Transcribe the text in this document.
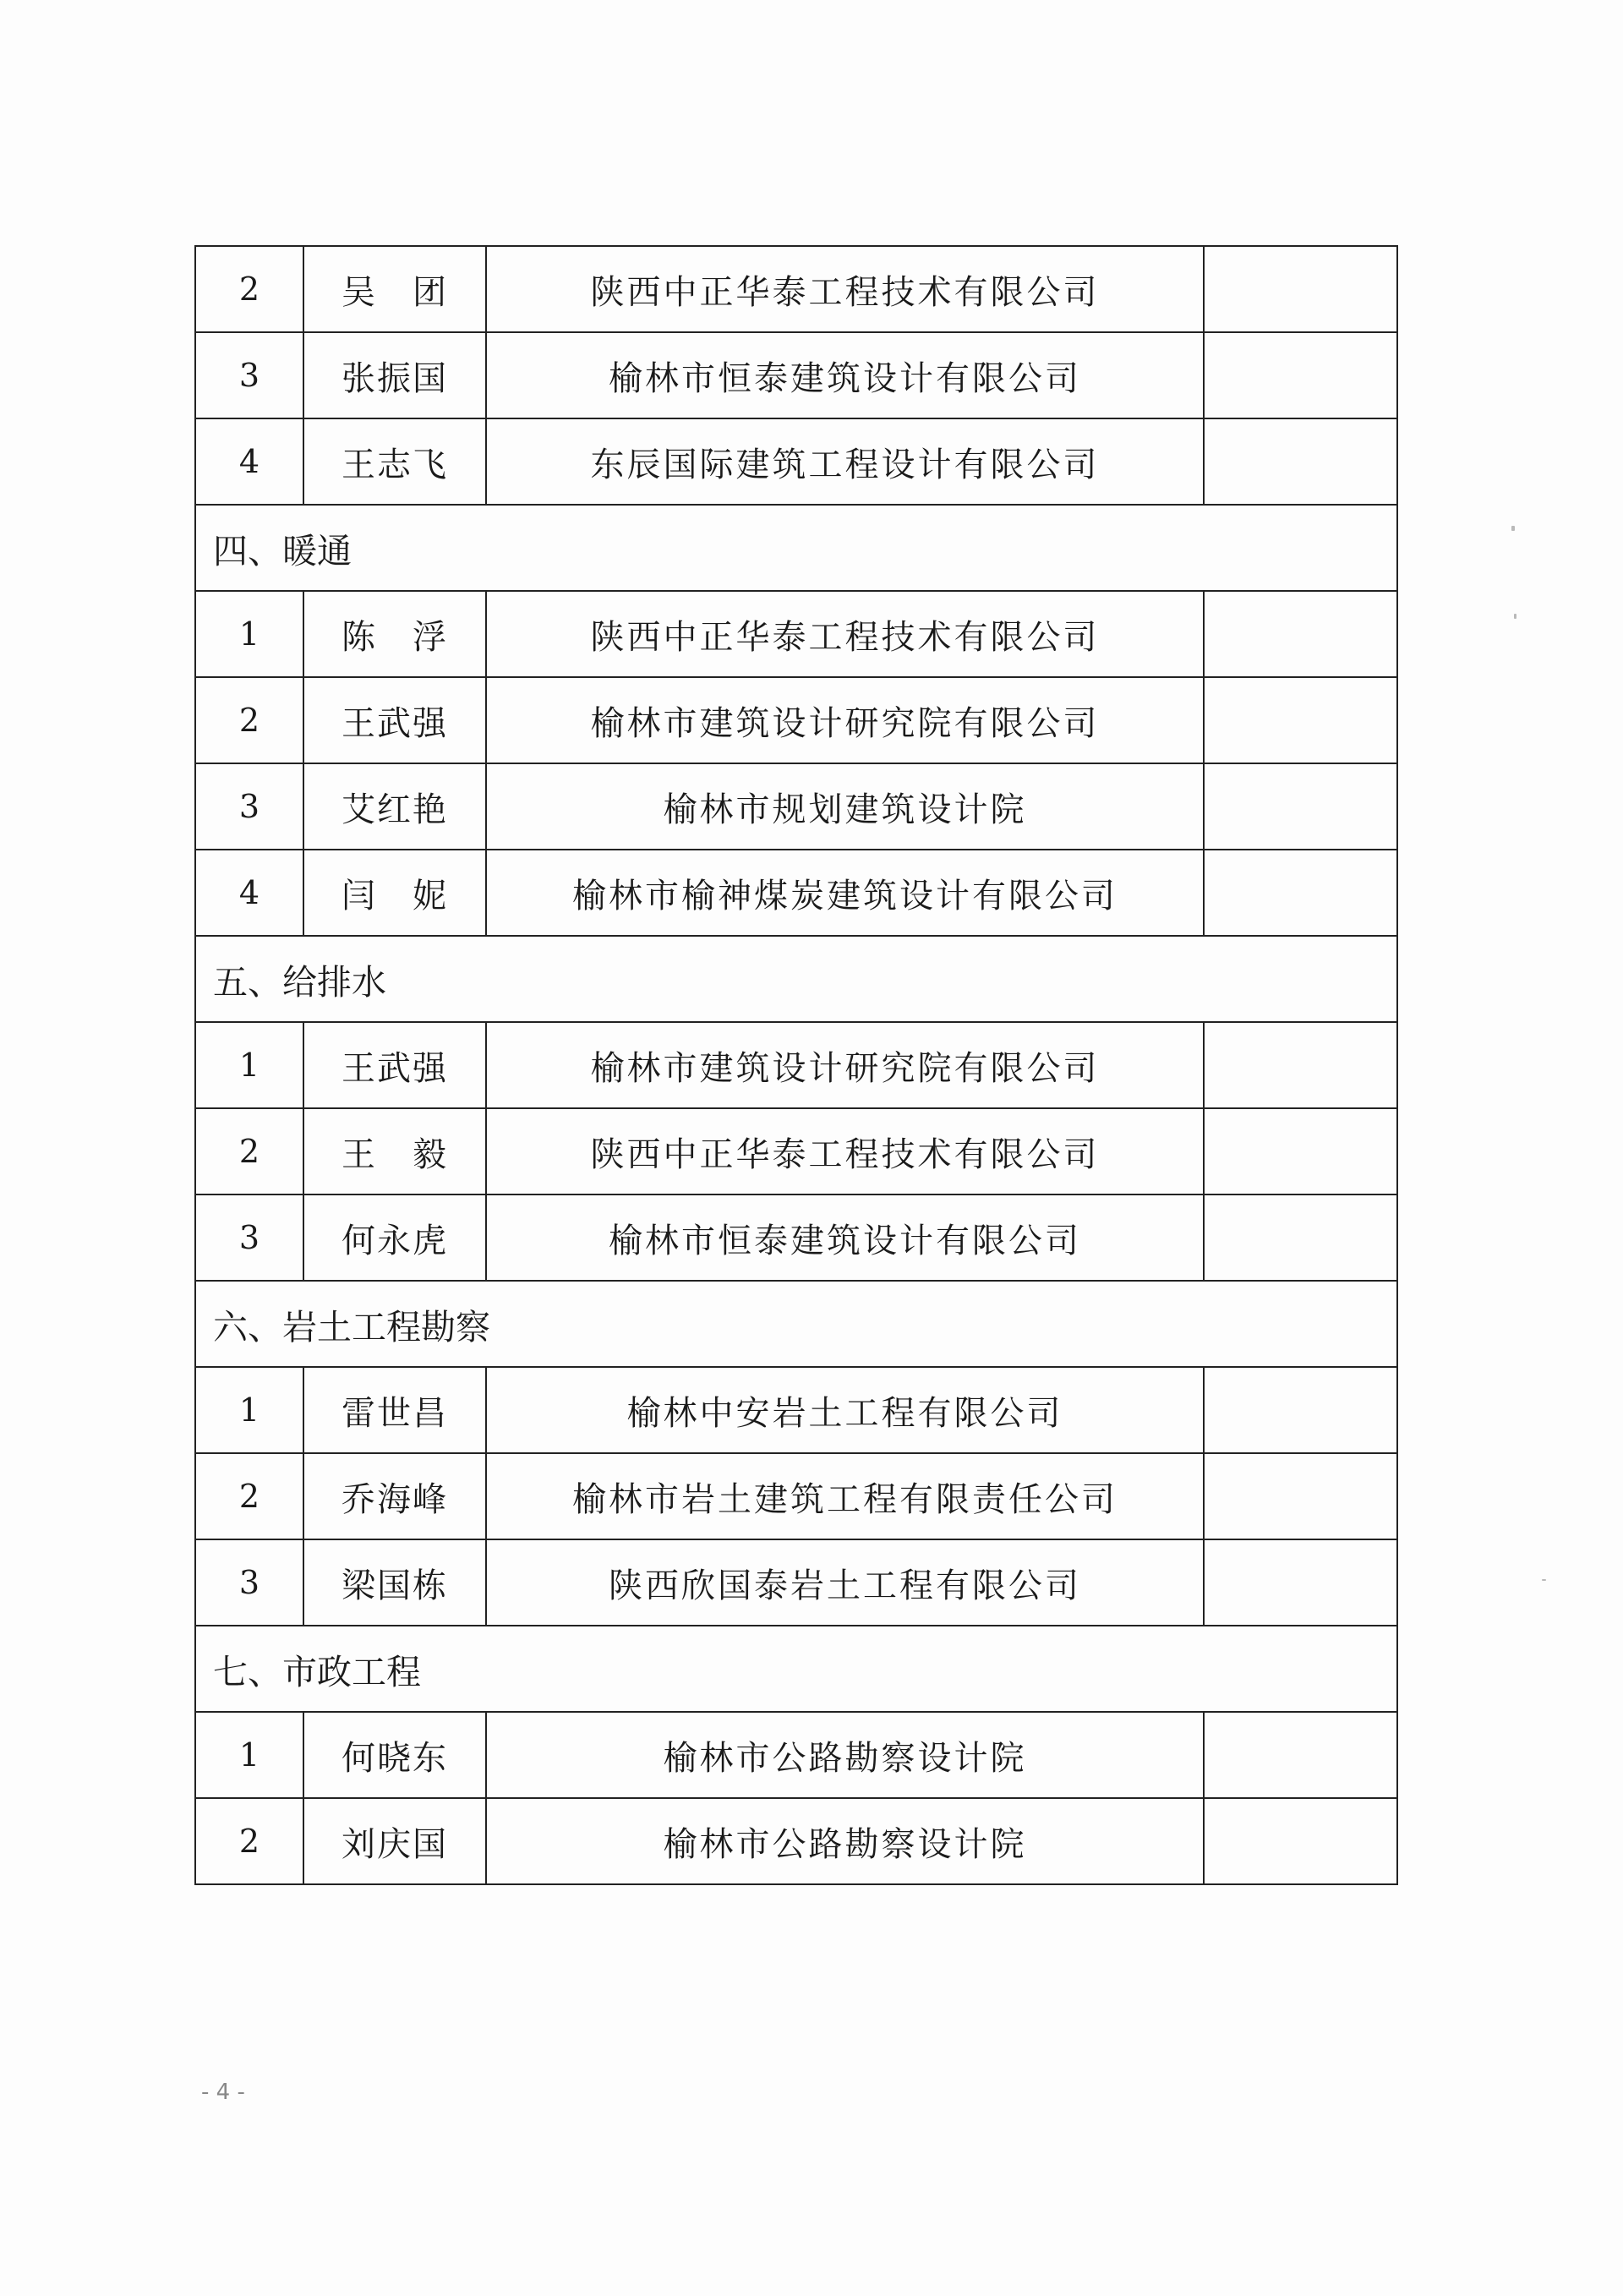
2	吴　团	陕西中正华泰工程技术有限公司	
3	张振国	榆林市恒泰建筑设计有限公司	
4	王志飞	东辰国际建筑工程设计有限公司	
四、暖通			
1	陈　浮	陕西中正华泰工程技术有限公司	
2	王武强	榆林市建筑设计研究院有限公司	
3	艾红艳	榆林市规划建筑设计院	
4	闫　妮	榆林市榆神煤炭建筑设计有限公司	
五、给排水			
1	王武强	榆林市建筑设计研究院有限公司	
2	王　毅	陕西中正华泰工程技术有限公司	
3	何永虎	榆林市恒泰建筑设计有限公司	
六、岩土工程勘察			
1	雷世昌	榆林中安岩土工程有限公司	
2	乔海峰	榆林市岩土建筑工程有限责任公司	
3	梁国栋	陕西欣国泰岩土工程有限公司	
七、市政工程			
1	何晓东	榆林市公路勘察设计院	
2	刘庆国	榆林市公路勘察设计院	
- 4 -
